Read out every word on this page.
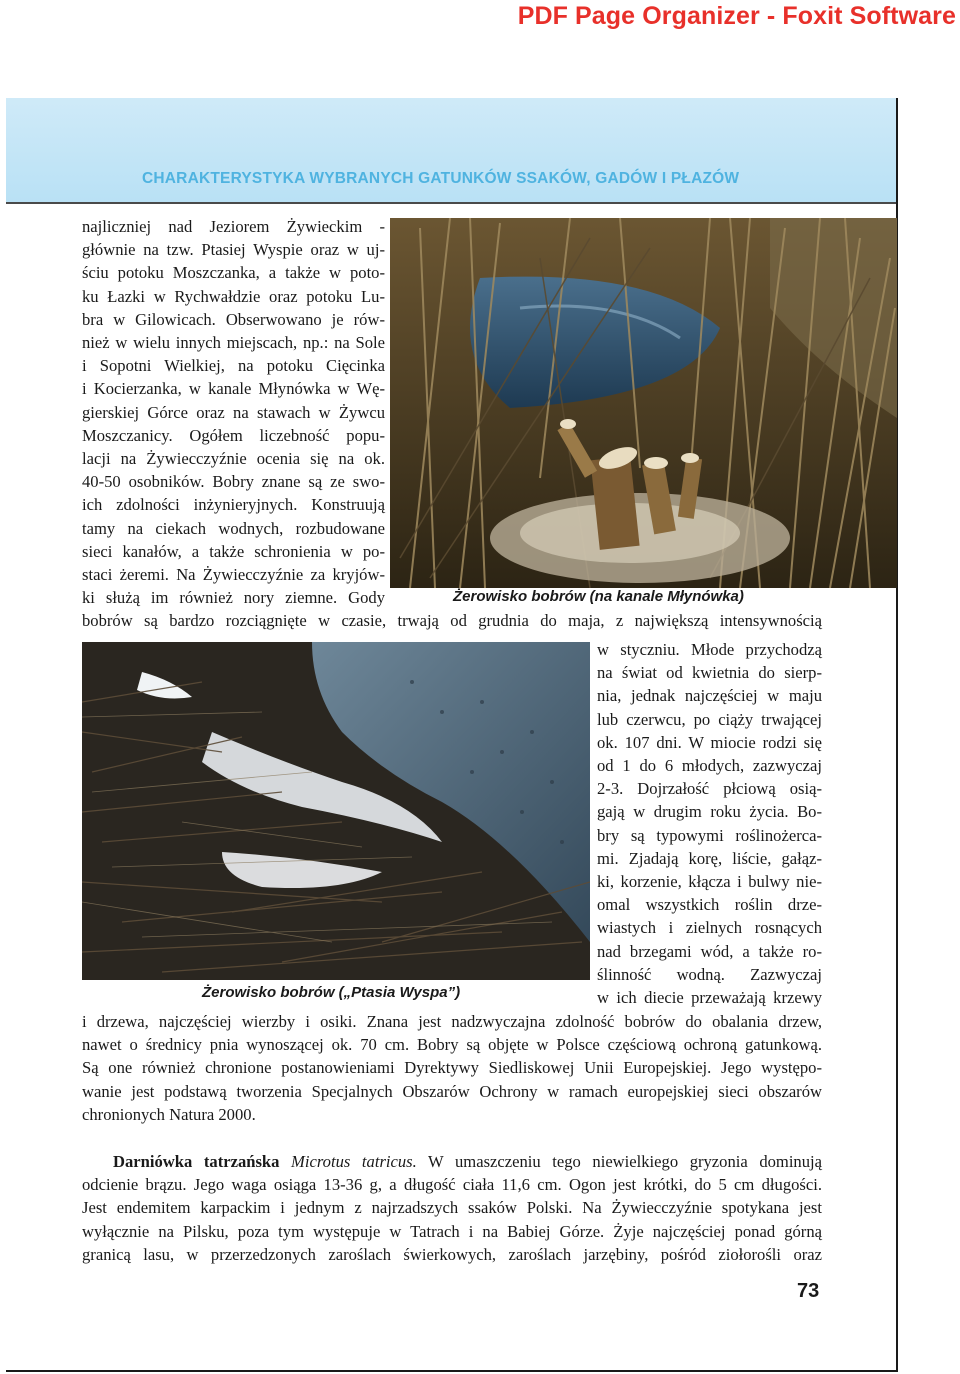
PDF Page Organizer - Foxit Software
CHARAKTERYSTYKA WYBRANYCH GATUNKÓW SSAKÓW, GADÓW I PŁAZÓW
najliczniej nad Jeziorem Żywieckim -
głównie na tzw. Ptasiej Wyspie oraz w uj-
ściu potoku Moszczanka, a także w poto-
ku Łazki w Rychwałdzie oraz potoku Lu-
bra w Gilowicach. Obserwowano je rów-
nież w wielu innych miejscach, np.: na Sole
i Sopotni Wielkiej, na potoku Cięcinka
i Kocierzanka, w kanale Młynówka w Wę-
gierskiej Górce oraz na stawach w Żywcu
Moszczanicy. Ogółem liczebność popu-
lacji na Żywiecczyźnie ocenia się na ok.
40-50 osobników. Bobry znane są ze swo-
ich zdolności inżynieryjnych. Konstruują
tamy na ciekach wodnych, rozbudowane
sieci kanałów, a także schronienia w po-
staci żeremi. Na Żywiecczyźnie za kryjów-
ki służą im również nory ziemne. Gody	Żerowisko bobrów (na kanale Młynówka)
bobrów są bardzo rozciągnięte w czasie, trwają od grudnia do maja, z największą intensywnością
w styczniu. Młode przychodzą
na świat od kwietnia do sierp-
nia, jednak najczęściej w maju
lub czerwcu, po ciąży trwającej
ok. 107 dni. W miocie rodzi się
od 1 do 6 młodych, zazwyczaj
2-3. Dojrzałość płciową osią-
gają w drugim roku życia. Bo-
bry są typowymi roślinożerca-
mi. Zjadają korę, liście, gałąz-
ki, korzenie, kłącza i bulwy nie-
omal wszystkich roślin drze-
wiastych i zielnych rosnących
nad brzegami wód, a także ro-
ślinność wodną. Zazwyczaj
w ich diecie przeważają krzewy
Żerowisko bobrów („Ptasia Wyspa”)
i drzewa, najczęściej wierzby i osiki. Znana jest nadzwyczajna zdolność bobrów do obalania drzew,
nawet o średnicy pnia wynoszącej ok. 70 cm. Bobry są objęte w Polsce częściową ochroną gatunkową.
Są one również chronione postanowieniami Dyrektywy Siedliskowej Unii Europejskiej. Jego występo-
wanie jest podstawą tworzenia Specjalnych Obszarów Ochrony w ramach europejskiej sieci obszarów
chronionych Natura 2000.
Darniówka tatrzańska Microtus tatricus. W umaszczeniu tego niewielkiego gryzonia dominują
odcienie brązu. Jego waga osiąga 13-36 g, a długość ciała 11,6 cm. Ogon jest krótki, do 5 cm długości.
Jest endemitem karpackim i jednym z najrzadszych ssaków Polski. Na Żywiecczyźnie spotykana jest
wyłącznie na Pilsku, poza tym występuje w Tatrach i na Babiej Górze. Żyje najczęściej ponad górną
granicą lasu, w przerzedzonych zaroślach świerkowych, zaroślach jarzębiny, pośród ziołorośli oraz
73
